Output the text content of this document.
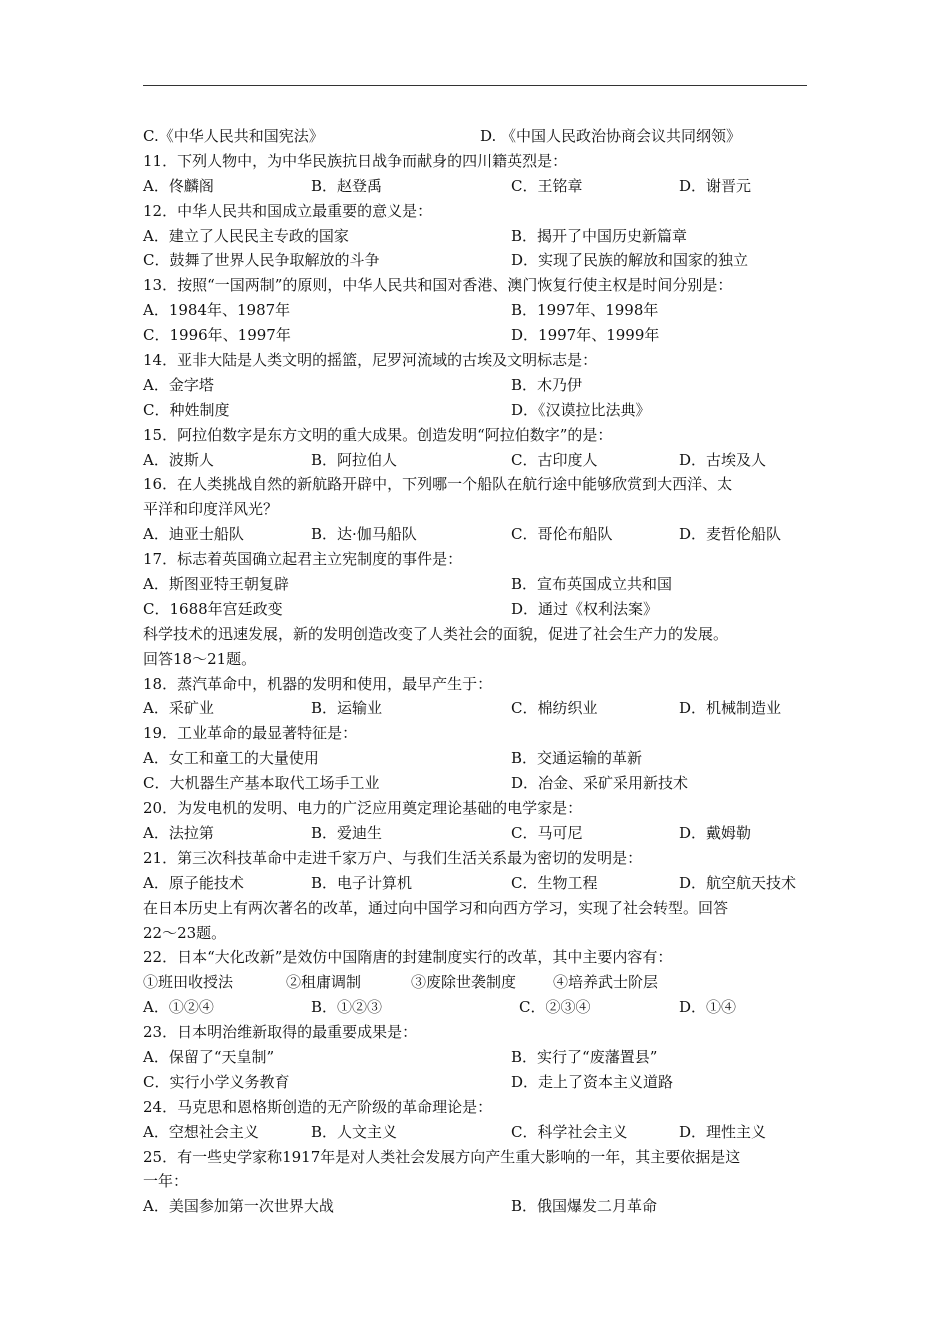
C.《中华人民共和国宪法》	D. 《中国人民政治协商会议共同纲领》
11．下列人物中，为中华民族抗日战争而献身的四川籍英烈是：
A．佟麟阁	B．赵登禹	C．王铭章	D．谢晋元
12．中华人民共和国成立最重要的意义是：
A．建立了人民民主专政的国家	B．揭开了中国历史新篇章
C．鼓舞了世界人民争取解放的斗争	D．实现了民族的解放和国家的独立
13．按照“一国两制”的原则，中华人民共和国对香港、澳门恢复行使主权是时间分别是：
A．1984年、1987年	B．1997年、1998年
C．1996年、1997年	D．1997年、1999年
14．亚非大陆是人类文明的摇篮，尼罗河流域的古埃及文明标志是：
A．金字塔	B．木乃伊
C．种姓制度	D．《汉谟拉比法典》
15．阿拉伯数字是东方文明的重大成果。创造发明“阿拉伯数字”的是：
A．波斯人	B．阿拉伯人	C．古印度人	D．古埃及人
16．在人类挑战自然的新航路开辟中，下列哪一个船队在航行途中能够欣赏到大西洋、太
平洋和印度洋风光？
A．迪亚士船队	B．达·伽马船队	C．哥伦布船队	D．麦哲伦船队
17．标志着英国确立起君主立宪制度的事件是：
A．斯图亚特王朝复辟	B．宣布英国成立共和国
C．1688年宫廷政变	D．通过《权利法案》
科学技术的迅速发展，新的发明创造改变了人类社会的面貌，促进了社会生产力的发展。
回答18～21题。
18．蒸汽革命中，机器的发明和使用，最早产生于：
A．采矿业	B．运输业	C．棉纺织业	D．机械制造业
19．工业革命的最显著特征是：
A．女工和童工的大量使用	B．交通运输的革新
C．大机器生产基本取代工场手工业	D．冶金、采矿采用新技术
20．为发电机的发明、电力的广泛应用奠定理论基础的电学家是：
A．法拉第	B．爱迪生	C．马可尼	D．戴姆勒
21．第三次科技革命中走进千家万户、与我们生活关系最为密切的发明是：
A．原子能技术	B．电子计算机	C．生物工程	D．航空航天技术
在日本历史上有两次著名的改革，通过向中国学习和向西方学习，实现了社会转型。回答
22～23题。
22．日本“大化改新”是效仿中国隋唐的封建制度实行的改革，其中主要内容有：
①班田收授法	②租庸调制	③废除世袭制度 ④培养武士阶层
A．①②④	B．①②③	C．②③④	D．①④
23．日本明治维新取得的最重要成果是：
A．保留了“天皇制”	B．实行了“废藩置县”
C．实行小学义务教育	D．走上了资本主义道路
24．马克思和恩格斯创造的无产阶级的革命理论是：
A．空想社会主义	B．人文主义	C．科学社会主义	D．理性主义
25．有一些史学家称1917年是对人类社会发展方向产生重大影响的一年，其主要依据是这
一年：
A．美国参加第一次世界大战	B．俄国爆发二月革命
